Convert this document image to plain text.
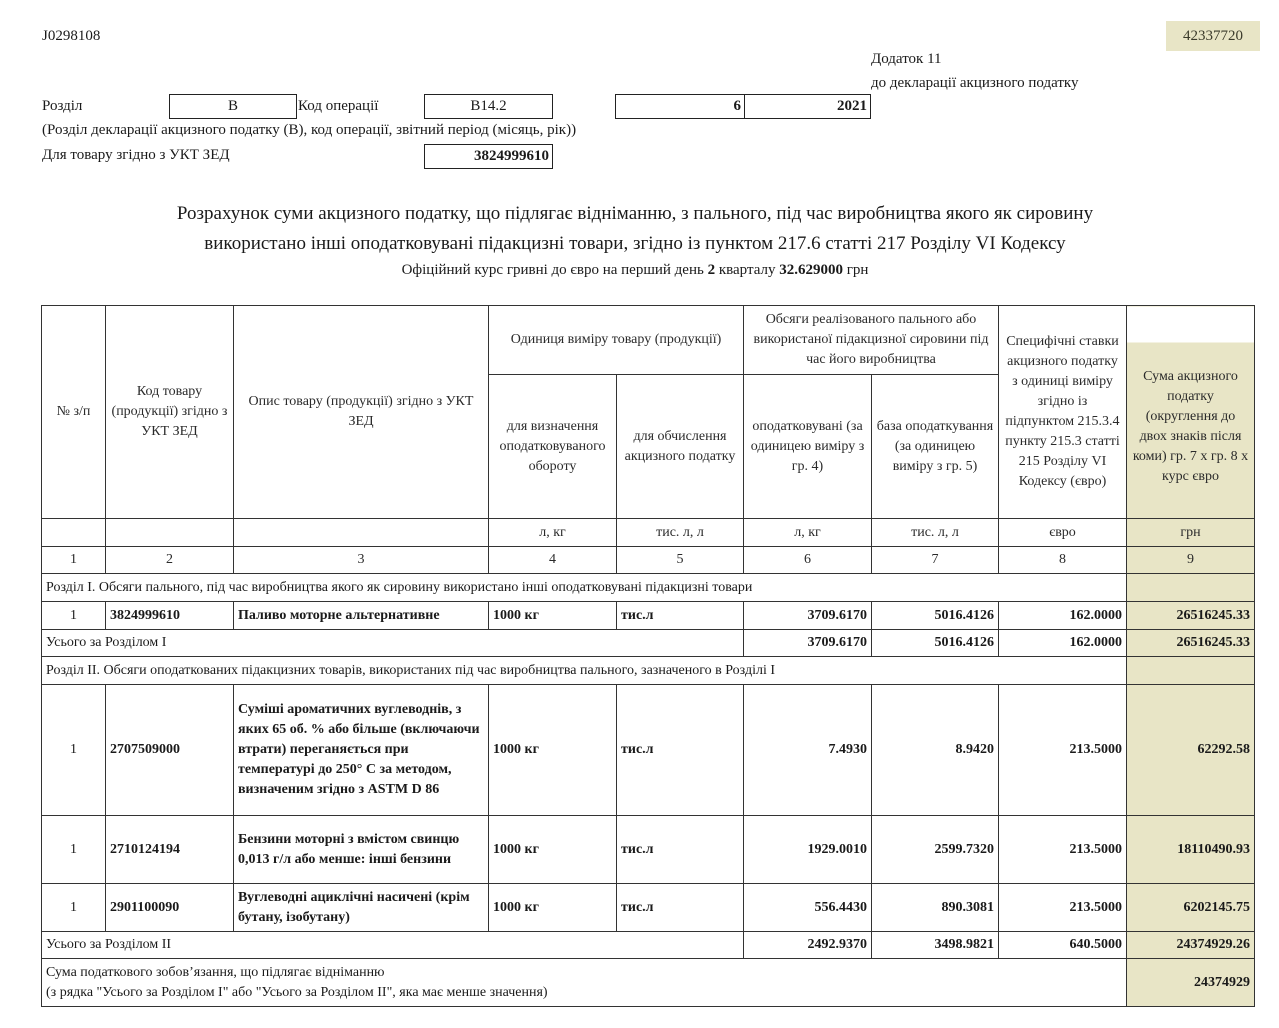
J0298108	42337720
Додаток 11
до декларації акцизного податку
Розділ	В	Код операції	В14.2	6	2021
(Розділ декларації акцизного податку (В), код операції, звітний період (місяць, рік))
Для товару згідно з УКТ ЗЕД	3824999610
Розрахунок суми акцизного податку, що підлягає відніманню, з пального, під час виробництва якого як сировину
використано інші оподатковувані підакцизні товари, згідно із пунктом 217.6 статті 217 Розділу VI Кодексу
Офіційний курс гривні до євро на перший день 2 кварталу 32.629000 грн
№ з/п	Код товару (продукції) згідно з УКТ ЗЕД	Опис товару (продукції) згідно з УКТ ЗЕД	Одиниця виміру товару (продукції)		Обсяги реалізованого пального або використаної підакцизної сировини під час його виробництва		Специфічні ставки акцизного податку з одиниці виміру згідно із підпунктом 215.3.4 пункту 215.3 статті 215 Розділу VI Кодексу (євро)	Сума акцизного податку (округлення до двох знаків після коми) гр. 7 х гр. 8 х курс євро
			для визначення оподатковуваного обороту	для обчислення акцизного податку	оподатковувані (за одиницею виміру з гр. 4)	база оподаткування (за одиницею виміру з гр. 5)		
			л, кг	тис. л, л	л, кг	тис. л, л	євро	грн
1	2	3	4	5	6	7	8	9
Розділ I. Обсяги пального, під час виробництва якого як сировину використано інші оподатковувані підакцизні товари								
1	3824999610	Паливо моторне альтернативне	1000 кг	тис.л	3709.6170	5016.4126	162.0000	26516245.33
Усього за Розділом I					3709.6170	5016.4126	162.0000	26516245.33
Розділ II. Обсяги оподаткованих підакцизних товарів, використаних під час виробництва пального, зазначеного в Розділі I								
1	2707509000	Суміші ароматичних вуглеводнів, з яких 65 об. % або більше (включаючи втрати) переганяється при температурі до 250° С за методом, визначеним згідно з ASTM D 86	1000 кг	тис.л	7.4930	8.9420	213.5000	62292.58
1	2710124194	Бензини моторні з вмістом свинцю 0,013 г/л або менше: інші бензини	1000 кг	тис.л	1929.0010	2599.7320	213.5000	18110490.93
1	2901100090	Вуглеводні ациклічні насичені (крім бутану, ізобутану)	1000 кг	тис.л	556.4430	890.3081	213.5000	6202145.75
Усього за Розділом II					2492.9370	3498.9821	640.5000	24374929.26

Сума податкового зобов’язання, що підлягає відніманню
(з рядка "Усього за Розділом I" або "Усього за Розділом II", яка має менше значення)								24374929
